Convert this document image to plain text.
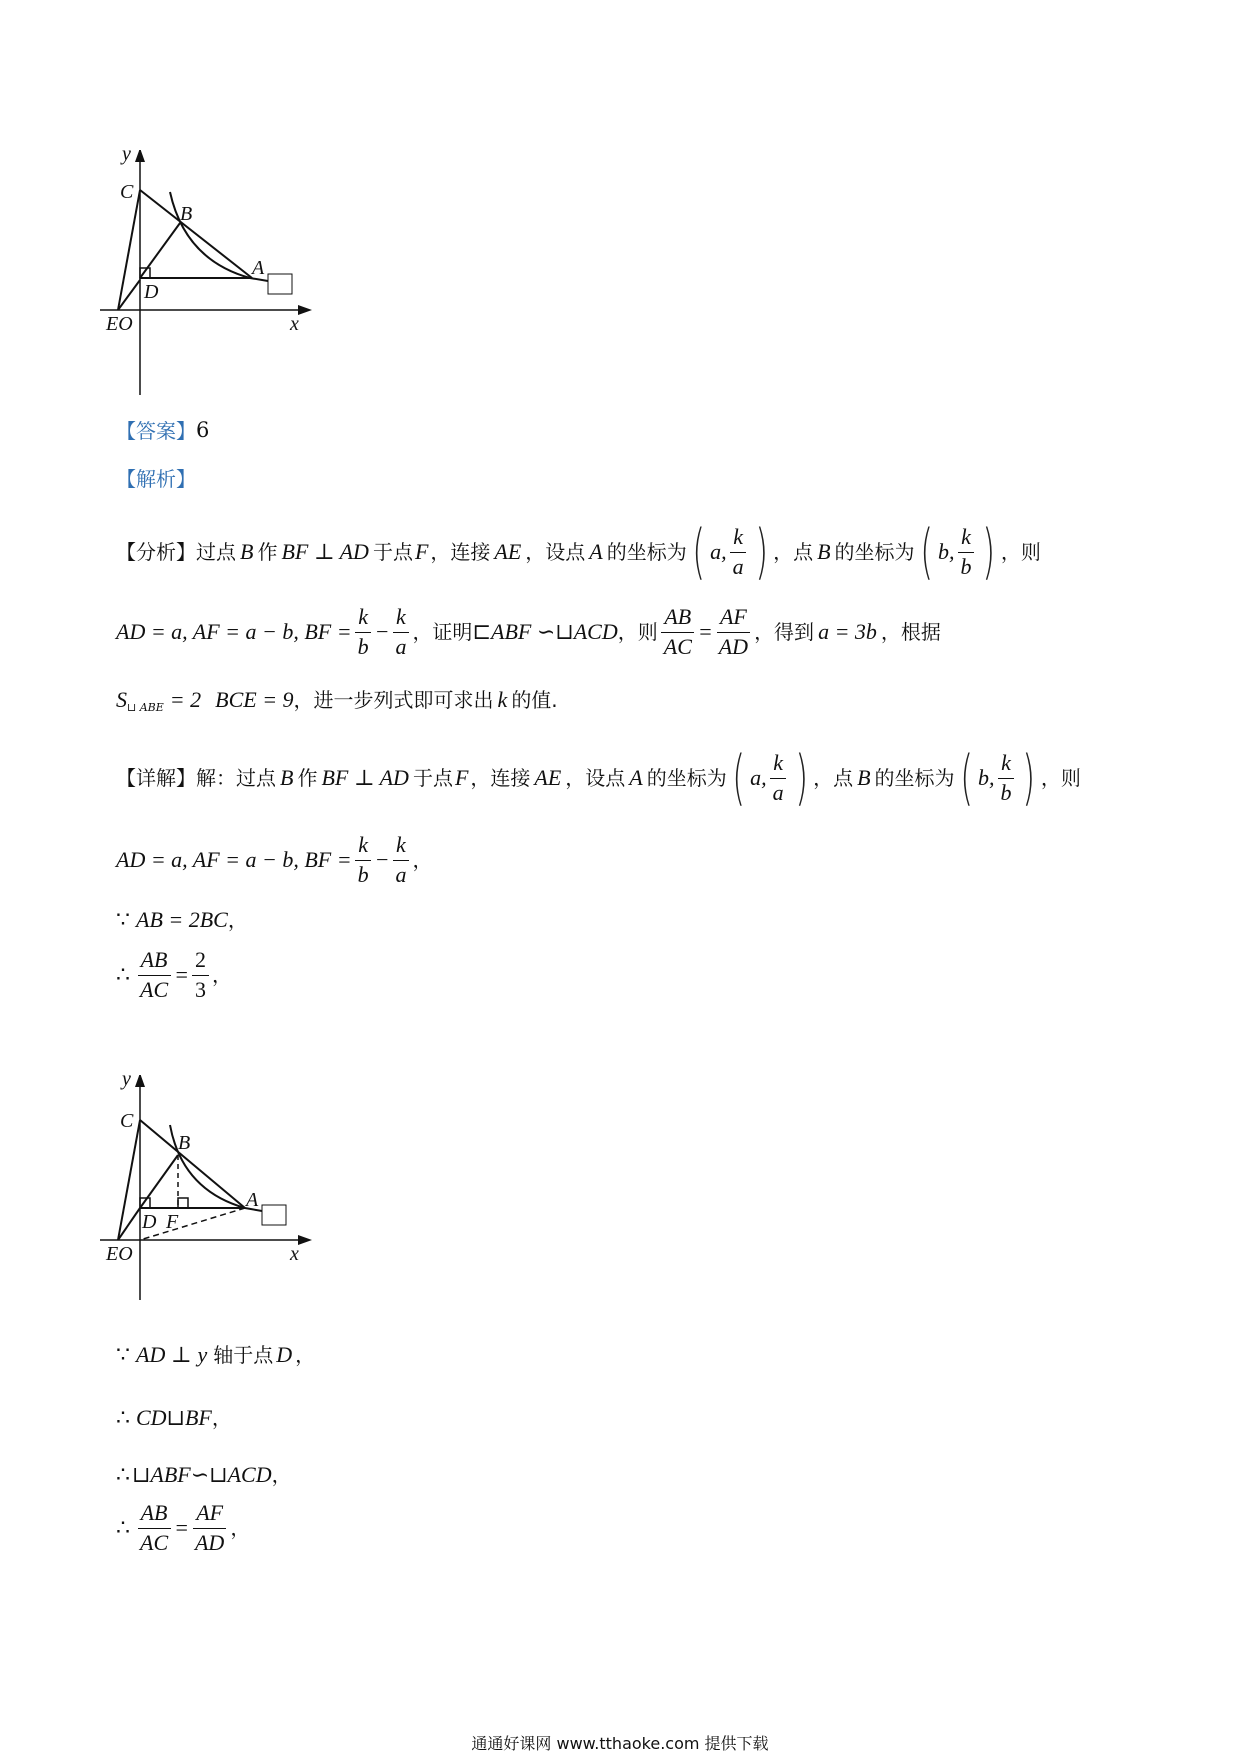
y
C
B
A
D
EO	x
【答案】 6
【解析】
【分析】 过点 B 作 BF ⊥ AD 于点 F ，连接 AE ，设点 A 的坐标为 ( a, $\frac{k}{a}$ ) ，点 B 的坐标为 ( b, $\frac{k}{b}$ ) ，则
AD = a, AF = a − b, BF = $\frac{k}{b} - \frac{k}{a}$ ，证明 ⊏ABF ∽⊔ACD ，则 $\frac{AB}{AC} = \frac{AF}{AD}$ ，得到 a = 3b ，根据
S ⊔ ABE = 2 BCE = 9 ，进一步列式即可求出 k 的值.
【详解】 解： 过点 B 作 BF ⊥ AD 于点 F ，连接 AE ，设点 A 的坐标为 ( a, $\frac{k}{a}$ ) ，点 B 的坐标为 ( b, $\frac{k}{b}$ ) ，则
AD = a, AF = a − b, BF = $\frac{k}{b} - \frac{k}{a}$ ，
∵ AB = 2BC ，
∴ $\frac{AB}{AC} = \frac{2}{3}$ ，
y
C
B
A
D F
EO	x
∵ AD ⊥ y 轴于点 D ，
∴ CD⊔BF ，
∴ ⊔ABF∽⊔ACD ，
∴ $\frac{AB}{AC} = \frac{AF}{AD}$ ，
通通好课网 www.tthaoke.com 提供下载
